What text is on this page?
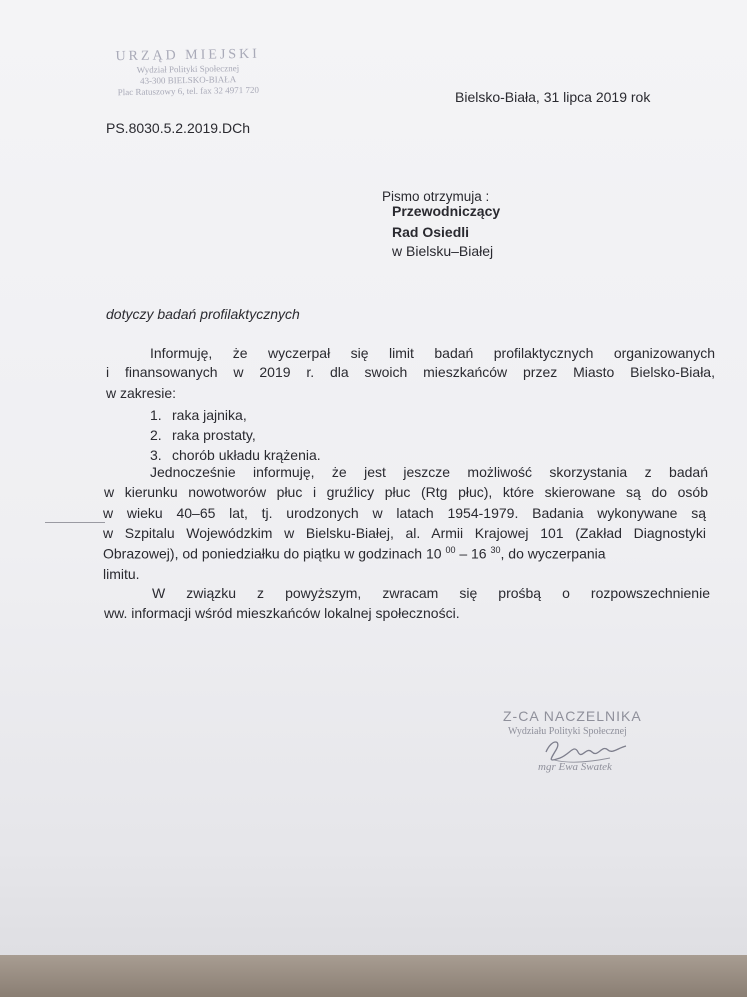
URZĄD MIEJSKI
Wydział Polityki Społecznej
43-300 BIELSKO-BIAŁA
Plac Ratuszowy 6, tel. fax 32 4971 720	Bielsko-Biała, 31 lipca 2019 rok
PS.8030.5.2.2019.DCh
Pismo otrzymuja :
Przewodniczący
Rad Osiedli
w Bielsku–Białej
dotyczy badań profilaktycznych
Informuję, że wyczerpał się limit badań profilaktycznych organizowanych
i finansowanych w 2019 r. dla swoich mieszkańców przez Miasto Bielsko-Biała,
w zakresie:
1. raka jajnika,
2. raka prostaty,
3. chorób układu krążenia.
Jednocześnie informuję, że jest jeszcze możliwość skorzystania z badań
w kierunku nowotworów płuc i gruźlicy płuc (Rtg płuc), które skierowane są do osób
w wieku 40–65 lat, tj. urodzonych w latach 1954-1979. Badania wykonywane są
w Szpitalu Wojewódzkim w Bielsku-Białej, al. Armii Krajowej 101 (Zakład Diagnostyki
Obrazowej), od poniedziałku do piątku w godzinach 10 $^{00}$ – 16 $^{30}$, do wyczerpania
limitu.
W związku z powyższym, zwracam się prośbą o rozpowszechnienie
ww. informacji wśród mieszkańców lokalnej społeczności.
Z-CA NACZELNIKA
Wydziału Polityki Społecznej
mgr Ewa Swatek
